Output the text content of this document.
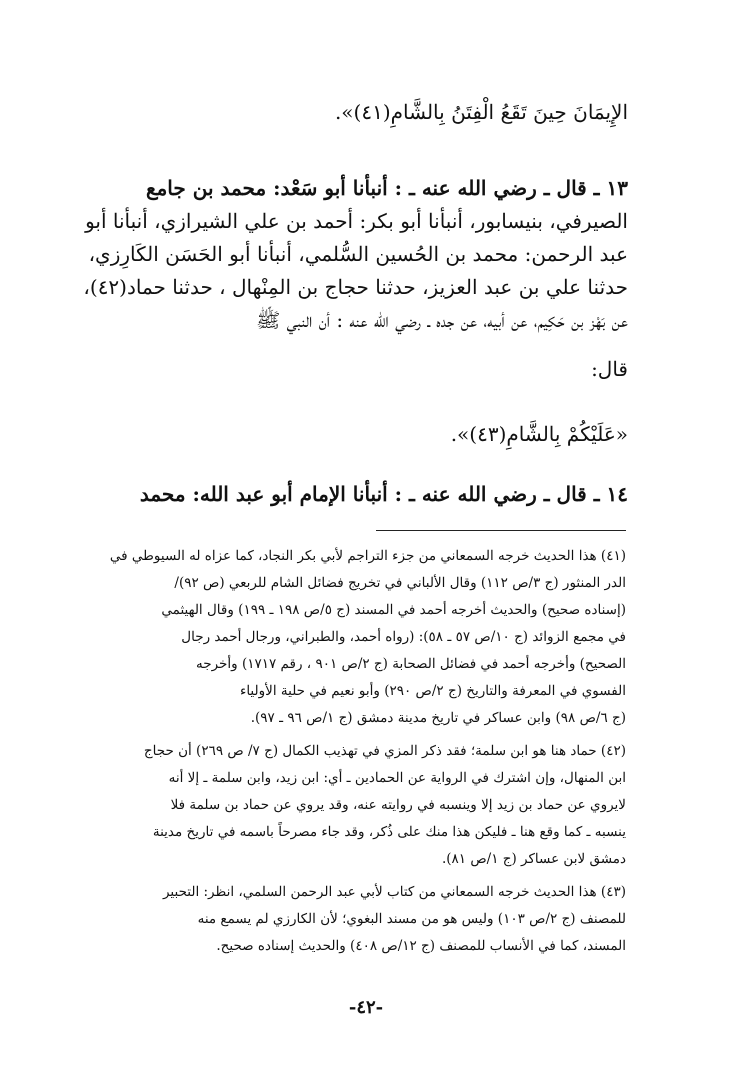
الإِيمَانَ حِينَ تَقَعُ الْفِتَنُ بِالشَّامِ(٤١)».
١٣ ـ قال ـ رضي الله عنه ـ : أنبأنا أبو سَعْد: محمد بن جامع
الصيرفي، بنيسابور، أنبأنا أبو بكر: أحمد بن علي الشيرازي، أنبأنا أبو
عبد الرحمن: محمد بن الحُسين السُّلمي، أنبأنا أبو الحَسَن الكَارِزي،
حدثنا علي بن عبد العزيز، حدثنا حجاج بن المِنْهال ، حدثنا حماد(٤٢)،
عن بَهْز بن حَكِيم، عن أبيه، عن جده ـ رضي الله عنه : أن النبي ﷺ
قال:
«عَلَيْكُمْ بِالشَّامِ(٤٣)».
١٤ ـ قال ـ رضي الله عنه ـ : أنبأنا الإمام أبو عبد الله: محمد
(٤١) هذا الحديث خرجه السمعاني من جزء التراجم لأبي بكر النجاد، كما عزاه له السيوطي في
الدر المنثور (ج ٣/ص ١١٢) وقال الألباني في تخريج فضائل الشام للربعي (ص ٩٢)/
(إسناده صحيح) والحديث أخرجه أحمد في المسند (ج ٥/ص ١٩٨ ـ ١٩٩) وقال الهيثمي
في مجمع الزوائد (ج ١٠/ص ٥٧ ـ ٥٨): (رواه أحمد، والطبراني، ورجال أحمد رجال
الصحيح) وأخرجه أحمد في فضائل الصحابة (ج ٢/ص ٩٠١ ، رقم ١٧١٧) وأخرجه
الفسوي في المعرفة والتاريخ (ج ٢/ص ٢٩٠) وأبو نعيم في حلية الأولياء
(ج ٦/ص ٩٨) وابن عساكر في تاريخ مدينة دمشق (ج ١/ص ٩٦ ـ ٩٧).
(٤٢) حماد هنا هو ابن سلمة؛ فقد ذكر المزي في تهذيب الكمال (ج ٧/ ص ٢٦٩) أن حجاج
ابن المنهال، وإن اشترك في الرواية عن الحمادين ـ أي: ابن زيد، وابن سلمة ـ إلا أنه
لايروي عن حماد بن زيد إلا وينسبه في روايته عنه، وقد يروي عن حماد بن سلمة فلا
ينسبه ـ كما وقع هنا ـ فليكن هذا منك على ذُكر، وقد جاء مصرحاً باسمه في تاريخ مدينة
دمشق لابن عساكر (ج ١/ص ٨١).
(٤٣) هذا الحديث خرجه السمعاني من كتاب لأبي عبد الرحمن السلمي، انظر: التحبير
للمصنف (ج ٢/ص ١٠٣) وليس هو من مسند البغوي؛ لأن الكارزي لم يسمع منه
المسند، كما في الأنساب للمصنف (ج ١٢/ص ٤٠٨) والحديث إسناده صحيح.
-٤٢-
